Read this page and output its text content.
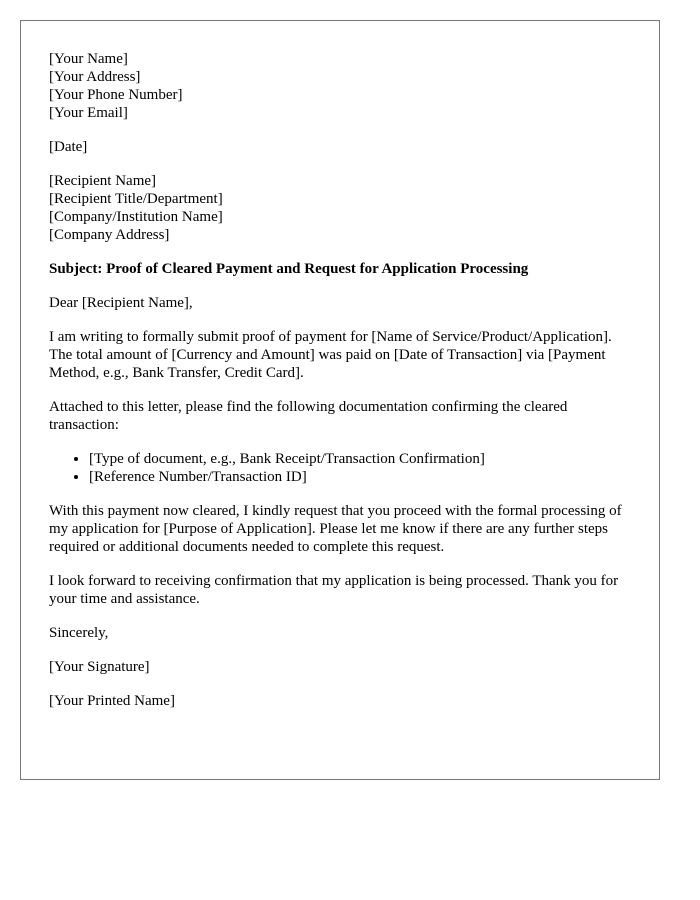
[Your Name]
[Your Address]
[Your Phone Number]
[Your Email]
[Date]
[Recipient Name]
[Recipient Title/Department]
[Company/Institution Name]
[Company Address]
Subject: Proof of Cleared Payment and Request for Application Processing

Dear [Recipient Name],

I am writing to formally submit proof of payment for [Name of Service/Product/Application]. The total amount of [Currency and Amount] was paid on [Date of Transaction] via [Payment Method, e.g., Bank Transfer, Credit Card].

Attached to this letter, please find the following documentation confirming the cleared transaction:

• [Type of document, e.g., Bank Receipt/Transaction Confirmation]
• [Reference Number/Transaction ID]

With this payment now cleared, I kindly request that you proceed with the formal processing of my application for [Purpose of Application]. Please let me know if there are any further steps required or additional documents needed to complete this request.

I look forward to receiving confirmation that my application is being processed. Thank you for your time and assistance.

Sincerely,

[Your Signature]

[Your Printed Name]
